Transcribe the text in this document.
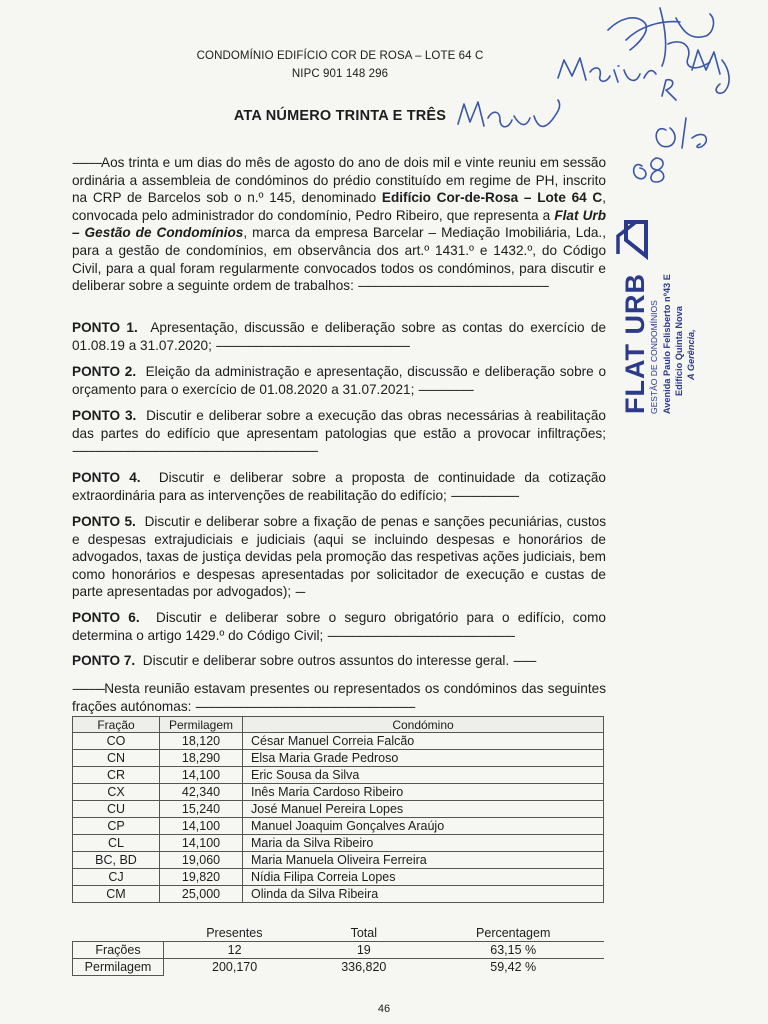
CONDOMÍNIO EDIFÍCIO COR DE ROSA – LOTE 64 C
NIPC 901 148 296
ATA NÚMERO TRINTA E TRÊS

---------Aos trinta e um dias do mês de agosto do ano de dois mil e vinte reuniu em sessão ordinária a assembleia de condóminos do prédio constituído em regime de PH, inscrito na CRP de Barcelos sob o n.º 145, denominado Edifício Cor-de-Rosa – Lote 64 C, convocada pelo administrador do condomínio, Pedro Ribeiro, que representa a Flat Urb – Gestão de Condomínios, marca da empresa Barcelar – Mediação Imobiliária, Lda., para a gestão de condomínios, em observância dos art.º 1431.º e 1432.º, do Código Civil, para a qual foram regularmente convocados todos os condóminos, para discutir e deliberar sobre a seguinte ordem de trabalhos: -----------------------------------------------------------

PONTO 1. Apresentação, discussão e deliberação sobre as contas do exercício de 01.08.19 a 31.07.2020; ------------------------------------------------------------

PONTO 2. Eleição da administração e apresentação, discussão e deliberação sobre o orçamento para o exercício de 01.08.2020 a 31.07.2021; -----------------

PONTO 3. Discutir e deliberar sobre a execução das obras necessárias à reabilitação das partes do edifício que apresentam patologias que estão a provocar infiltrações; ----------------------------------------------------------------------------

PONTO 4. Discutir e deliberar sobre a proposta de continuidade da cotização extraordinária para as intervenções de reabilitação do edifício; ---------------------

PONTO 5. Discutir e deliberar sobre a fixação de penas e sanções pecuniárias, custos e despesas extrajudiciais e judiciais (aqui se incluindo despesas e honorários de advogados, taxas de justiça devidas pela promoção das respetivas ações judiciais, bem como honorários e despesas apresentadas por solicitador de execução e custas de parte apresentadas por advogados); ---

PONTO 6. Discutir e deliberar sobre o seguro obrigatório para o edifício, como determina o artigo 1429.º do Código Civil; ----------------------------------------------------------

PONTO 7. Discutir e deliberar sobre outros assuntos do interesse geral. -------

----------Nesta reunião estavam presentes ou representados os condóminos das seguintes frações autónomas: --------------------------------------------------------------------

Fração	Permilagem	Condómino
CO	18,120	César Manuel Correia Falcão
CN	18,290	Elsa Maria Grade Pedroso
CR	14,100	Eric Sousa da Silva
CX	42,340	Inês Maria Cardoso Ribeiro
CU	15,240	José Manuel Pereira Lopes
CP	14,100	Manuel Joaquim Gonçalves Araújo
CL	14,100	Maria da Silva Ribeiro
BC, BD	19,060	Maria Manuela Oliveira Ferreira
CJ	19,820	Nídia Filipa Correia Lopes
CM	25,000	Olinda da Silva Ribeira
	Presentes	Total	Percentagem
Frações	12	19	63,15 %
Permilagem	200,170	336,820	59,42 %
46
FLAT URB GESTÃO DE CONDOMÍNIOS Avenida Paulo Felisberto nº43 E Edifício Quinta Nova A Gerência,
